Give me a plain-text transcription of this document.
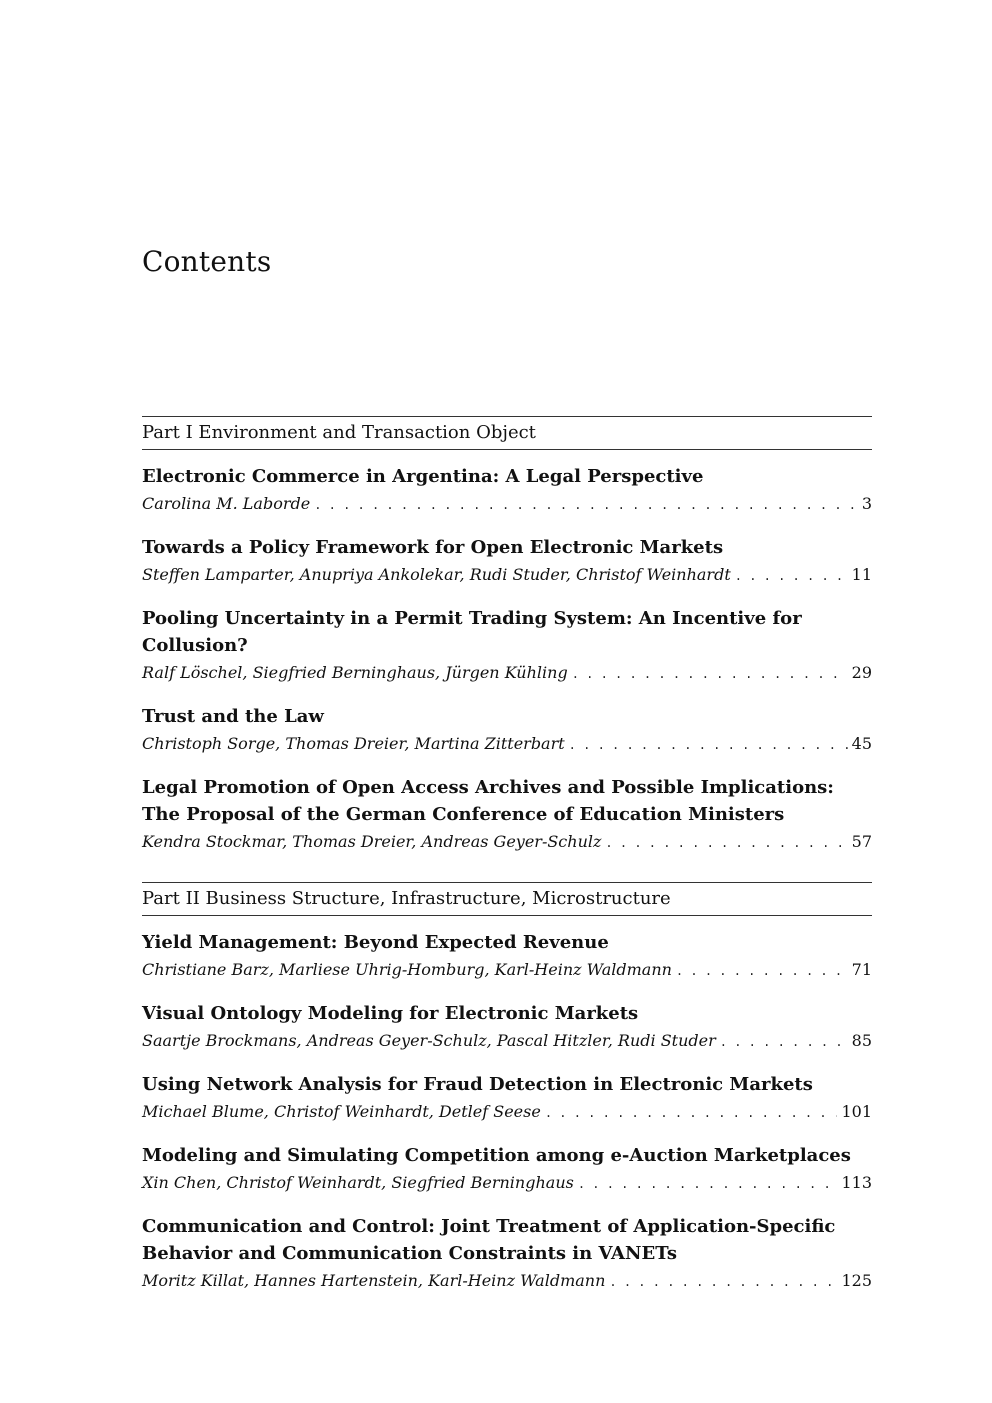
Contents
Part I Environment and Transaction Object
Electronic Commerce in Argentina: A Legal Perspective
Carolina M. Laborde . . .	3
Towards a Policy Framework for Open Electronic Markets
Steffen Lamparter, Anupriya Ankolekar, Rudi Studer, Christof Weinhardt . . .	11
Pooling Uncertainty in a Permit Trading System: An Incentive for Collusion?
Ralf Löschel, Siegfried Berninghaus, Jürgen Kühling . . .	29
Trust and the Law
Christoph Sorge, Thomas Dreier, Martina Zitterbart . . .	45
Legal Promotion of Open Access Archives and Possible Implications: The Proposal of the German Conference of Education Ministers
Kendra Stockmar, Thomas Dreier, Andreas Geyer-Schulz . . .	57
Part II Business Structure, Infrastructure, Microstructure
Yield Management: Beyond Expected Revenue
Christiane Barz, Marliese Uhrig-Homburg, Karl-Heinz Waldmann . . .	71
Visual Ontology Modeling for Electronic Markets
Saartje Brockmans, Andreas Geyer-Schulz, Pascal Hitzler, Rudi Studer . . .	85
Using Network Analysis for Fraud Detection in Electronic Markets
Michael Blume, Christof Weinhardt, Detlef Seese . . .	101
Modeling and Simulating Competition among e-Auction Marketplaces
Xin Chen, Christof Weinhardt, Siegfried Berninghaus . . .	113
Communication and Control: Joint Treatment of Application-Specific Behavior and Communication Constraints in VANETs
Moritz Killat, Hannes Hartenstein, Karl-Heinz Waldmann . . .	125
